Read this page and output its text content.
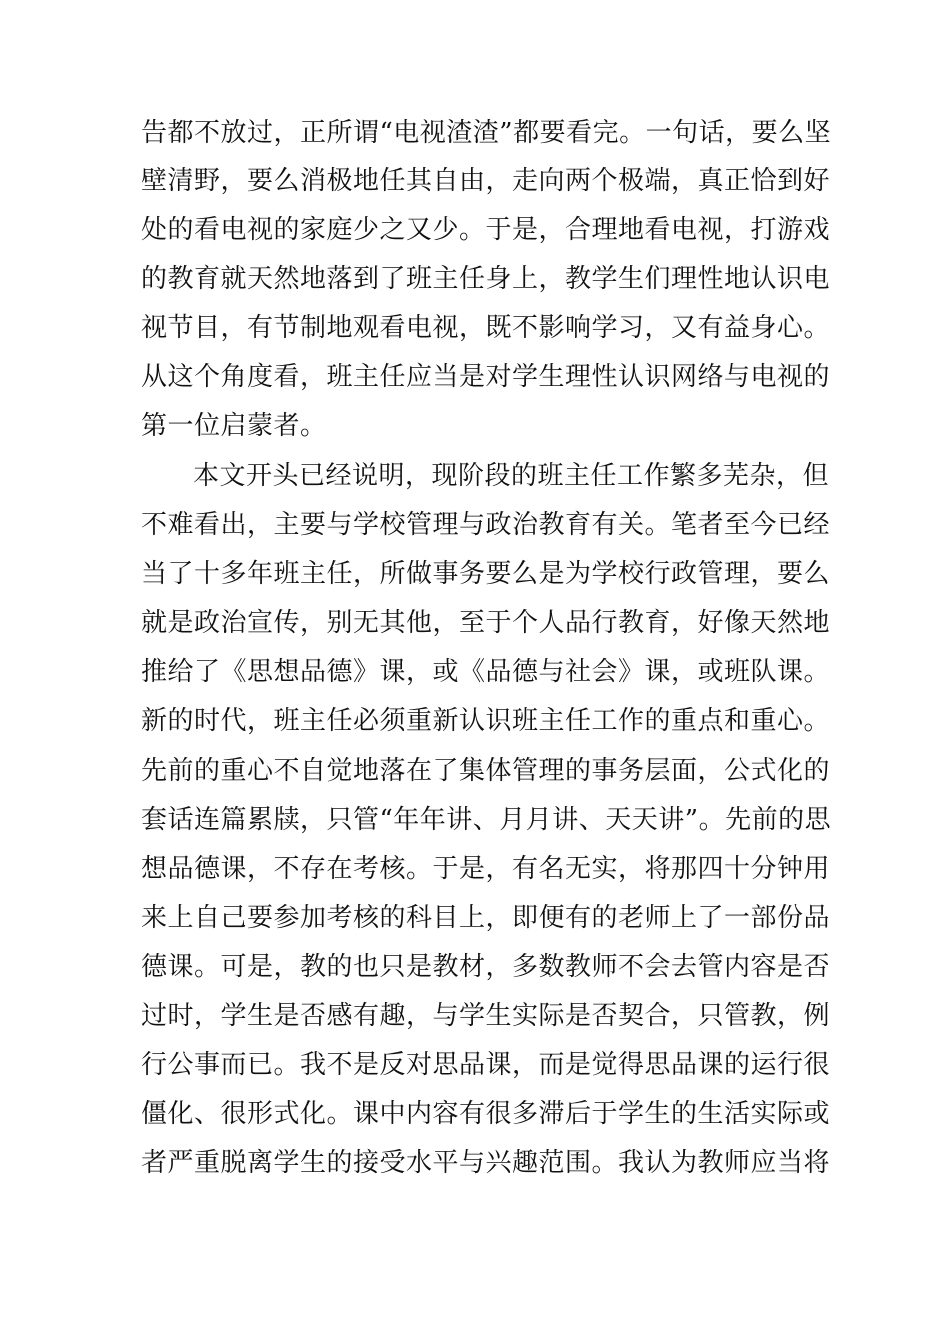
告都不放过，正所谓“电视渣渣”都要看完。一句话，要么坚
壁清野，要么消极地任其自由，走向两个极端，真正恰到好
处的看电视的家庭少之又少。于是，合理地看电视，打游戏
的教育就天然地落到了班主任身上，教学生们理性地认识电
视节目，有节制地观看电视，既不影响学习，又有益身心。
从这个角度看，班主任应当是对学生理性认识网络与电视的
第一位启蒙者。
本文开头已经说明，现阶段的班主任工作繁多芜杂，但
不难看出，主要与学校管理与政治教育有关。笔者至今已经
当了十多年班主任，所做事务要么是为学校行政管理，要么
就是政治宣传，别无其他，至于个人品行教育，好像天然地
推给了《思想品德》课，或《品德与社会》课，或班队课。
新的时代，班主任必须重新认识班主任工作的重点和重心。
先前的重心不自觉地落在了集体管理的事务层面，公式化的
套话连篇累牍，只管“年年讲、月月讲、天天讲”。先前的思
想品德课，不存在考核。于是，有名无实，将那四十分钟用
来上自己要参加考核的科目上，即便有的老师上了一部份品
德课。可是，教的也只是教材，多数教师不会去管内容是否
过时，学生是否感有趣，与学生实际是否契合，只管教，例
行公事而已。我不是反对思品课，而是觉得思品课的运行很
僵化、很形式化。课中内容有很多滞后于学生的生活实际或
者严重脱离学生的接受水平与兴趣范围。我认为教师应当将
